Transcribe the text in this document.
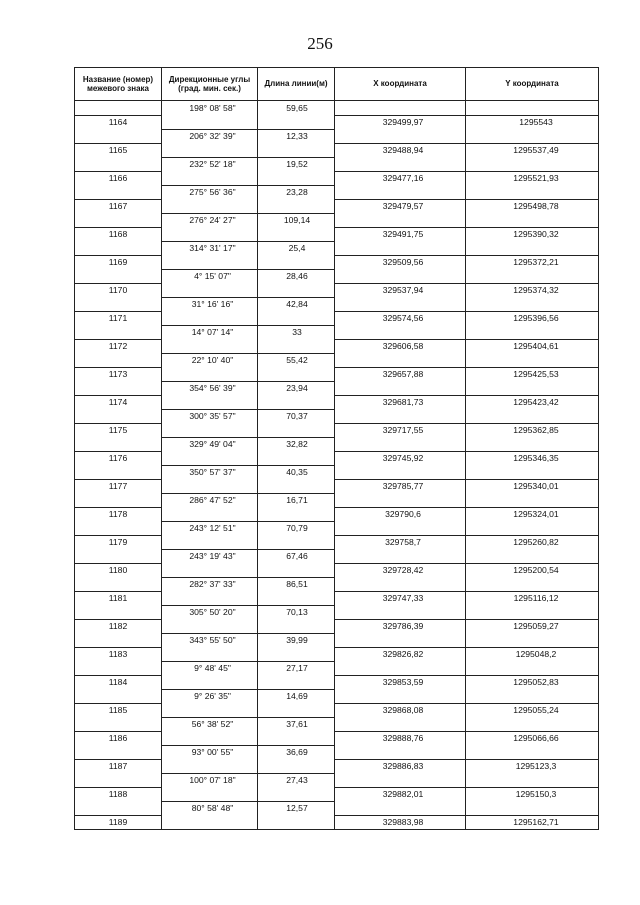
256
Название (номер) межевого знака	Дирекционные углы (град. мин. сек.)	Длина линии(м)	X координата	Y координата
	198° 08' 58"	59,65		
1164			329499,97	1295543
	206° 32' 39"	12,33		
1165			329488,94	1295537,49
	232° 52' 18"	19,52		
1166			329477,16	1295521,93
	275° 56' 36"	23,28		
1167			329479,57	1295498,78
	276° 24' 27"	109,14		
1168			329491,75	1295390,32
	314° 31' 17"	25,4		
1169			329509,56	1295372,21
	4° 15' 07"	28,46		
1170			329537,94	1295374,32
	31° 16' 16"	42,84		
1171			329574,56	1295396,56
	14° 07' 14"	33		
1172			329606,58	1295404,61
	22° 10' 40"	55,42		
1173			329657,88	1295425,53
	354° 56' 39"	23,94		
1174			329681,73	1295423,42
	300° 35' 57"	70,37		
1175			329717,55	1295362,85
	329° 49' 04"	32,82		
1176			329745,92	1295346,35
	350° 57' 37"	40,35		
1177			329785,77	1295340,01
	286° 47' 52"	16,71		
1178			329790,6	1295324,01
	243° 12' 51"	70,79		
1179			329758,7	1295260,82
	243° 19' 43"	67,46		
1180			329728,42	1295200,54
	282° 37' 33"	86,51		
1181			329747,33	1295116,12
	305° 50' 20"	70,13		
1182			329786,39	1295059,27
	343° 55' 50"	39,99		
1183			329826,82	1295048,2
	9° 48' 45"	27,17		
1184			329853,59	1295052,83
	9° 26' 35"	14,69		
1185			329868,08	1295055,24
	56° 38' 52"	37,61		
1186			329888,76	1295066,66
	93° 00' 55"	36,69		
1187			329886,83	1295123,3
	100° 07' 18"	27,43		
1188			329882,01	1295150,3
	80° 58' 48"	12,57		
1189			329883,98	1295162,71
